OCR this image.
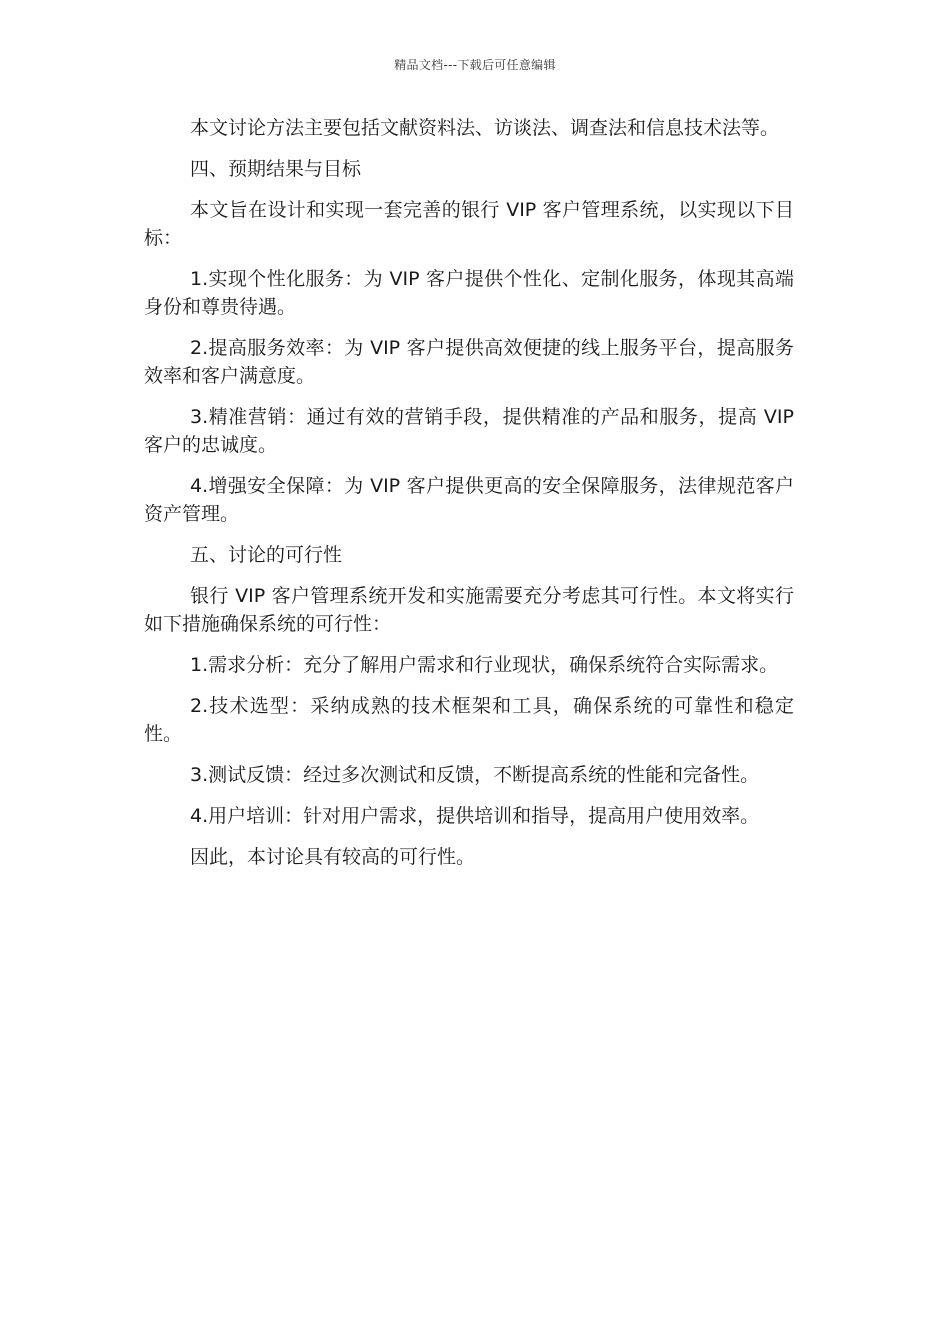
精品文档---下载后可任意编辑

本文讨论方法主要包括文献资料法、访谈法、调查法和信息技术法等。

四、预期结果与目标

本文旨在设计和实现一套完善的银行 VIP 客户管理系统，以实现以下目标：

1.实现个性化服务：为 VIP 客户提供个性化、定制化服务，体现其高端身份和尊贵待遇。

2.提高服务效率：为 VIP 客户提供高效便捷的线上服务平台，提高服务效率和客户满意度。

3.精准营销：通过有效的营销手段，提供精准的产品和服务，提高 VIP 客户的忠诚度。

4.增强安全保障：为 VIP 客户提供更高的安全保障服务，法律规范客户资产管理。

五、讨论的可行性

银行 VIP 客户管理系统开发和实施需要充分考虑其可行性。本文将实行如下措施确保系统的可行性：

1.需求分析：充分了解用户需求和行业现状，确保系统符合实际需求。

2.技术选型：采纳成熟的技术框架和工具，确保系统的可靠性和稳定性。

3.测试反馈：经过多次测试和反馈，不断提高系统的性能和完备性。

4.用户培训：针对用户需求，提供培训和指导，提高用户使用效率。

因此，本讨论具有较高的可行性。
